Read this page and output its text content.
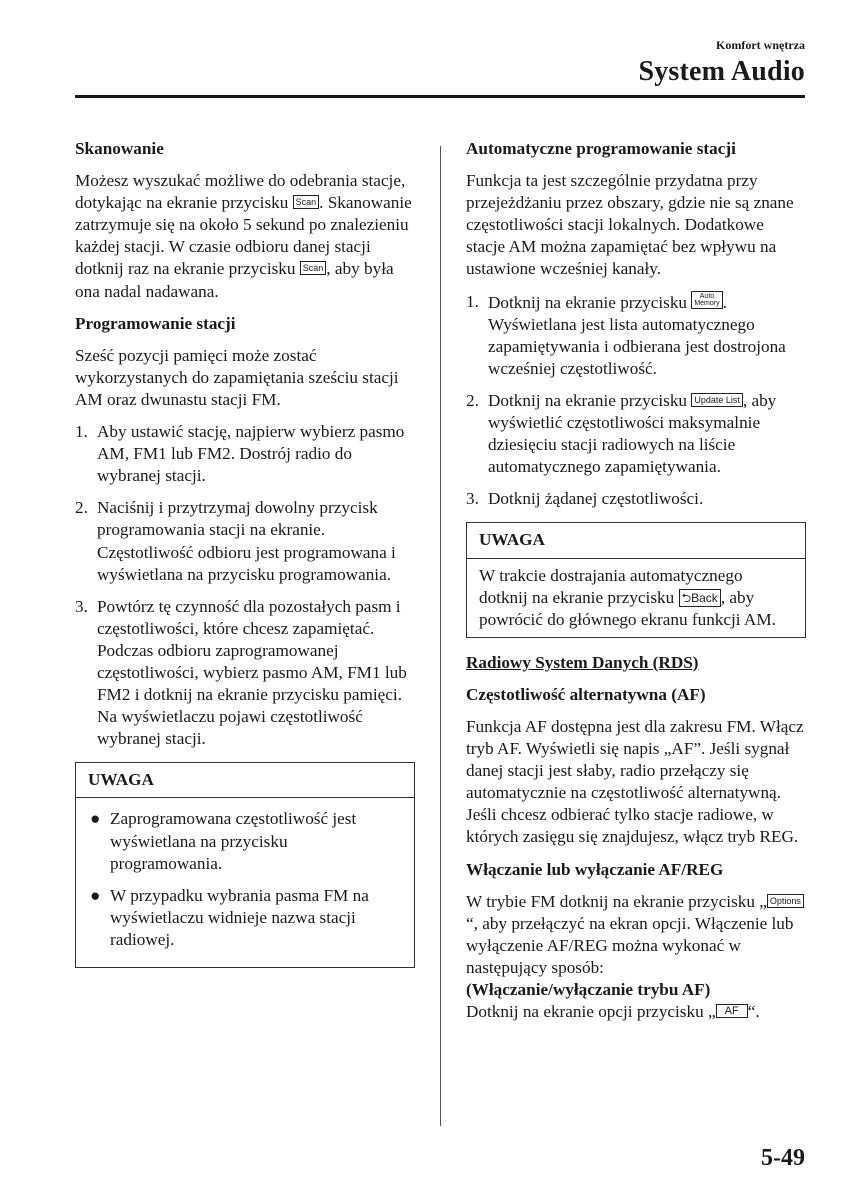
Komfort wnętrza
System Audio
Skanowanie
Możesz wyszukać możliwe do odebrania stacje, dotykając na ekranie przycisku Scan . Skanowanie zatrzymuje się na około 5 sekund po znalezieniu każdej stacji. W czasie odbioru danej stacji dotknij raz na ekranie przycisku Scan , aby była ona nadal nadawana.
Programowanie stacji
Sześć pozycji pamięci może zostać wykorzystanych do zapamiętania sześciu stacji AM oraz dwunastu stacji FM.
1. Aby ustawić stację, najpierw wybierz pasmo AM, FM1 lub FM2. Dostrój radio do wybranej stacji.
2. Naciśnij i przytrzymaj dowolny przycisk programowania stacji na ekranie. Częstotliwość odbioru jest programowana i wyświetlana na przycisku programowania.
3. Powtórz tę czynność dla pozostałych pasm i częstotliwości, które chcesz zapamiętać. Podczas odbioru zaprogramowanej częstotliwości, wybierz pasmo AM, FM1 lub FM2 i dotknij na ekranie przycisku pamięci. Na wyświetlaczu pojawi częstotliwość wybranej stacji.
UWAGA
● Zaprogramowana częstotliwość jest wyświetlana na przycisku programowania.
● W przypadku wybrania pasma FM na wyświetlaczu widnieje nazwa stacji radiowej.
Automatyczne programowanie stacji
Funkcja ta jest szczególnie przydatna przy przejeżdżaniu przez obszary, gdzie nie są znane częstotliwości stacji lokalnych. Dodatkowe stacje AM można zapamiętać bez wpływu na ustawione wcześniej kanały.
1. Dotknij na ekranie przycisku Auto
Memory . Wyświetlana jest lista automatycznego zapamiętywania i odbierana jest dostrojona wcześniej częstotliwość.
2. Dotknij na ekranie przycisku Update List , aby wyświetlić częstotliwości maksymalnie dziesięciu stacji radiowych na liście automatycznego zapamiętywania.
3. Dotknij żądanej częstotliwości.
UWAGA
W trakcie dostrajania automatycznego dotknij na ekranie przycisku ⮌Back , aby powrócić do głównego ekranu funkcji AM.
Radiowy System Danych (RDS)
Częstotliwość alternatywna (AF)
Funkcja AF dostępna jest dla zakresu FM. Włącz tryb AF. Wyświetli się napis „AF”. Jeśli sygnał danej stacji jest słaby, radio przełączy się automatycznie na częstotliwość alternatywną. Jeśli chcesz odbierać tylko stacje radiowe, w których zasięgu się znajdujesz, włącz tryb REG.
Włączanie lub wyłączanie AF/REG
W trybie FM dotknij na ekranie przycisku „ Options“, aby przełączyć na ekran opcji. Włączenie lub wyłączenie AF/REG można wykonać w następujący sposób:
(Włączanie/wyłączanie trybu AF)
Dotknij na ekranie opcji przycisku „ AF “.
5-49
